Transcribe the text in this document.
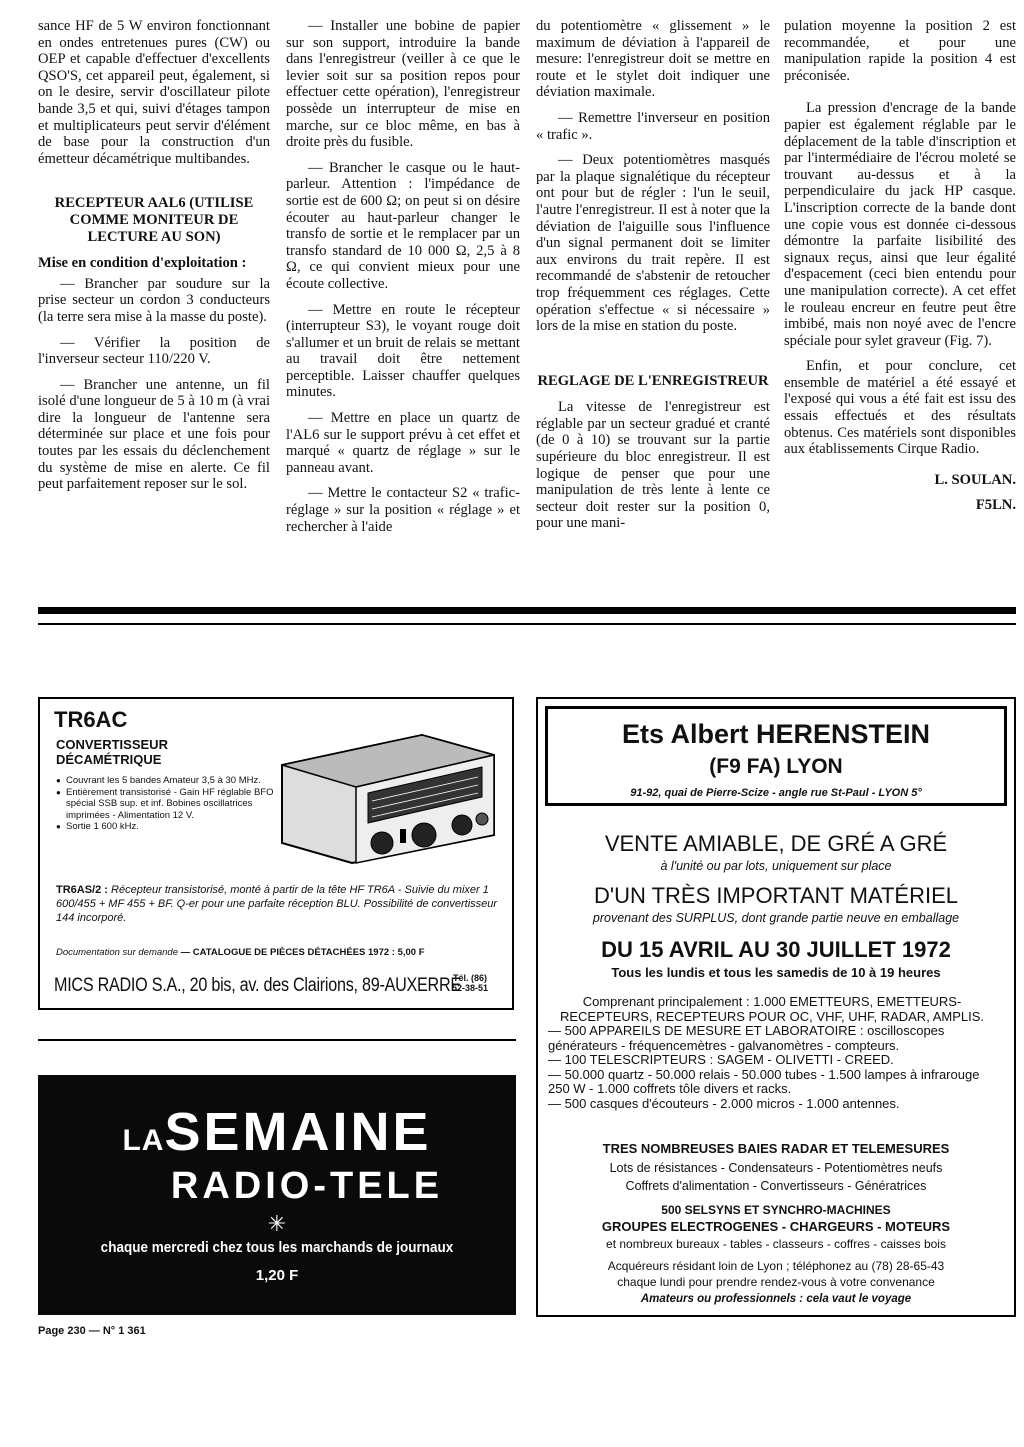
sance HF de 5 W environ fonctionnant en ondes entretenues pures (CW) ou OEP et capable d'effectuer d'excellents QSO'S, cet appareil peut, également, si on le desire, servir d'oscillateur pilote bande 3,5 et qui, suivi d'étages tampon et multiplicateurs peut servir d'élément de base pour la construction d'un émetteur décamétrique multibandes.

RECEPTEUR AAL6 (UTILISE COMME MONITEUR DE LECTURE AU SON)
Mise en condition d'exploitation :

— Brancher par soudure sur la prise secteur un cordon 3 conducteurs (la terre sera mise à la masse du poste).

— Vérifier la position de l'inverseur secteur 110/220 V.

— Brancher une antenne, un fil isolé d'une longueur de 5 à 10 m (à vrai dire la longueur de l'antenne sera déterminée sur place et une fois pour toutes par les essais du déclenchement du système de mise en alerte. Ce fil peut parfaitement reposer sur le sol.

— Installer une bobine de papier sur son support, introduire la bande dans l'enregistreur (veiller à ce que le levier soit sur sa position repos pour effectuer cette opération), l'enregistreur possède un interrupteur de mise en marche, sur ce bloc même, en bas à droite près du fusible.

— Brancher le casque ou le haut-parleur. Attention : l'impédance de sortie est de 600 Ω; on peut si on désire écouter au haut-parleur changer le transfo de sortie et le remplacer par un transfo standard de 10 000 Ω, 2,5 à 8 Ω, ce qui convient mieux pour une écoute collective.

— Mettre en route le récepteur (interrupteur S3), le voyant rouge doit s'allumer et un bruit de relais se mettant au travail doit être nettement perceptible. Laisser chauffer quelques minutes.

— Mettre en place un quartz de l'AL6 sur le support prévu à cet effet et marqué « quartz de réglage » sur le panneau avant.

— Mettre le contacteur S2 « trafic-réglage » sur la position « réglage » et rechercher à l'aide

du potentiomètre « glissement » le maximum de déviation à l'appareil de mesure: l'enregistreur doit se mettre en route et le stylet doit indiquer une déviation maximale.

— Remettre l'inverseur en position « trafic ».

— Deux potentiomètres masqués par la plaque signalétique du récepteur ont pour but de régler : l'un le seuil, l'autre l'enregistreur. Il est à noter que la déviation de l'aiguille sous l'influence d'un signal permanent doit se limiter aux environs du trait repère. Il est recommandé de s'abstenir de retoucher trop fréquemment ces réglages. Cette opération s'effectue « si nécessaire » lors de la mise en station du poste.

REGLAGE DE L'ENREGISTREUR

La vitesse de l'enregistreur est réglable par un secteur gradué et cranté (de 0 à 10) se trouvant sur la partie supérieure du bloc enregistreur. Il est logique de penser que pour une manipulation de très lente à lente ce secteur doit rester sur la position 0, pour une mani-

pulation moyenne la position 2 est recommandée, et pour une manipulation rapide la position 4 est préconisée.

La pression d'encrage de la bande papier est également réglable par le déplacement de la table d'inscription et par l'intermédiaire de l'écrou moleté se trouvant au-dessus et à la perpendiculaire du jack HP casque. L'inscription correcte de la bande dont une copie vous est donnée ci-dessous démontre la parfaite lisibilité des signaux reçus, ainsi que leur égalité d'espacement (ceci bien entendu pour une manipulation correcte). A cet effet le rouleau encreur en feutre peut être imbibé, mais non noyé avec de l'encre spéciale pour sylet graveur (Fig. 7).

Enfin, et pour conclure, cet ensemble de matériel a été essayé et l'exposé qui vous a été fait est issu des essais effectués et des résultats obtenus. Ces matériels sont disponibles aux établissements Cirque Radio.

L. SOULAN.

F5LN.

TR6AC
CONVERTISSEUR DÉCAMÉTRIQUE
● Couvrant les 5 bandes Amateur 3,5 à 30 MHz.
● Entièrement transistorisé - Gain HF réglable BFO spécial SSB sup. et inf. Bobines oscillatrices imprimées - Alimentation 12 V.
● Sortie 1 600 kHz.
TR6AS/2 : Récepteur transistorisé, monté à partir de la tête HF TR6A - Suivie du mixer 1 600/455 + MF 455 + BF. Q-er pour une parfaite réception BLU. Possibilité de convertisseur 144 incorporé.
Documentation sur demande — CATALOGUE DE PIÈCES DÉTACHÉES 1972 : 5,00 F
MICS RADIO S.A., 20 bis, av. des Clairions, 89-AUXERRE
Tél. (86)
52-38-51
LASEMAINE
RADIO-TELE
✳
chaque mercredi chez tous les marchands de journaux
1,20 F
Ets Albert HERENSTEIN
(F9 FA) LYON
91-92, quai de Pierre-Scize - angle rue St-Paul - LYON 5°
VENTE AMIABLE, DE GRÉ A GRÉ
à l'unité ou par lots, uniquement sur place
D'UN TRÈS IMPORTANT MATÉRIEL
provenant des SURPLUS, dont grande partie neuve en emballage
DU 15 AVRIL AU 30 JUILLET 1972
Tous les lundis et tous les samedis de 10 à 19 heures

Comprenant principalement : 1.000 EMETTEURS, EMETTEURS-RECEPTEURS, RECEPTEURS POUR OC, VHF, UHF, RADAR, AMPLIS.

— 500 APPAREILS DE MESURE ET LABORATOIRE : oscilloscopes générateurs - fréquencemètres - galvanomètres - compteurs.

— 100 TELESCRIPTEURS : SAGEM - OLIVETTI - CREED.

— 50.000 quartz - 50.000 relais - 50.000 tubes - 1.500 lampes à infrarouge 250 W - 1.000 coffrets tôle divers et racks.

— 500 casques d'écouteurs - 2.000 micros - 1.000 antennes.

TRES NOMBREUSES BAIES RADAR ET TELEMESURES
Lots de résistances - Condensateurs - Potentiomètres neufs
Coffrets d'alimentation - Convertisseurs - Génératrices
500 SELSYNS ET SYNCHRO-MACHINES
GROUPES ELECTROGENES - CHARGEURS - MOTEURS
et nombreux bureaux - tables - classeurs - coffres - caisses bois
Acquéreurs résidant loin de Lyon ; téléphonez au (78) 28-65-43
chaque lundi pour prendre rendez-vous à votre convenance
Amateurs ou professionnels : cela vaut le voyage
Page 230 — N° 1 361
